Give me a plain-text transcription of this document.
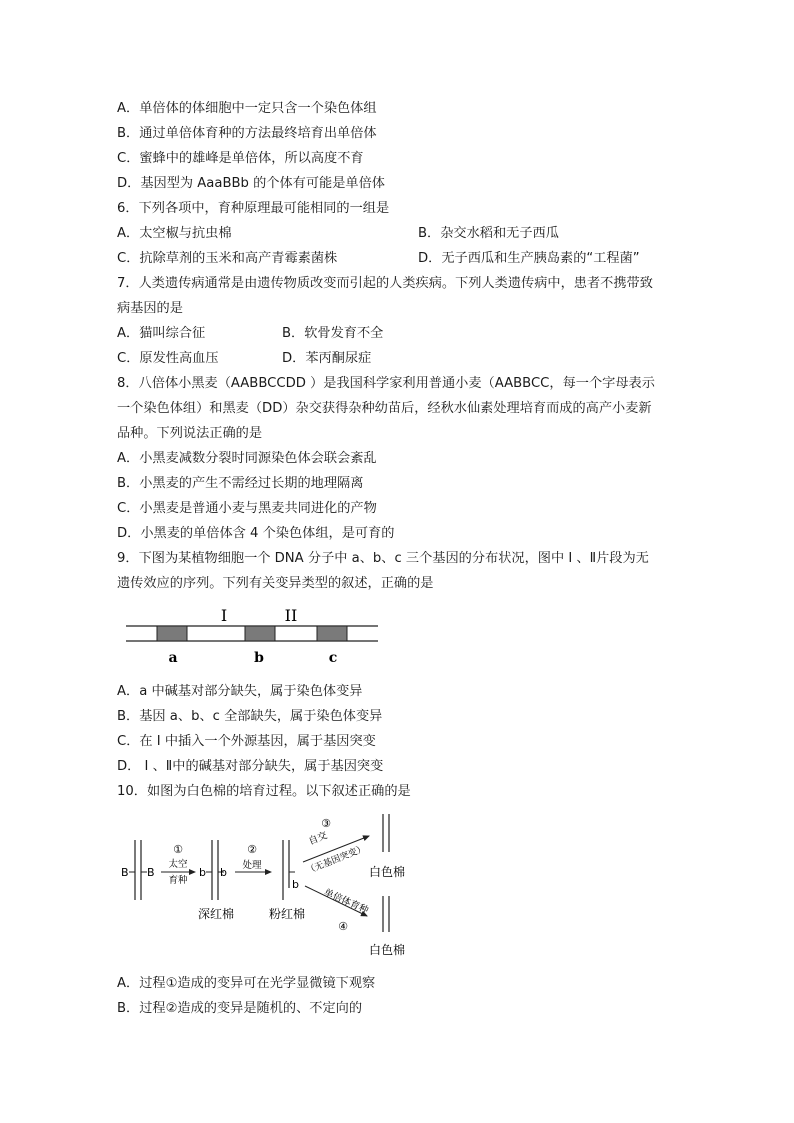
A．单倍体的体细胞中一定只含一个染色体组
B．通过单倍体育种的方法最终培育出单倍体
C．蜜蜂中的雄峰是单倍体，所以高度不育
D．基因型为 AaaBBb 的个体有可能是单倍体
6．下列各项中，育种原理最可能相同的一组是
A．太空椒与抗虫棉	B．杂交水稻和无子西瓜
C．抗除草剂的玉米和高产青霉素菌株	D．无子西瓜和生产胰岛素的“工程菌”
7．人类遗传病通常是由遗传物质改变而引起的人类疾病。下列人类遗传病中，患者不携带致
病基因的是
A．猫叫综合征	B．软骨发育不全
C．原发性高血压	D．苯丙酮尿症
8．八倍体小黑麦（AABBCCDD ）是我国科学家利用普通小麦（AABBCC，每一个字母表示
一个染色体组）和黑麦（DD）杂交获得杂种幼苗后，经秋水仙素处理培育而成的高产小麦新
品种。下列说法正确的是
A．小黑麦减数分裂时同源染色体会联会紊乱
B．小黑麦的产生不需经过长期的地理隔离
C．小黑麦是普通小麦与黑麦共同进化的产物
D．小黑麦的单倍体含 4 个染色体组，是可育的
9．下图为某植物细胞一个 DNA 分子中 a、b、c 三个基因的分布状况，图中 Ⅰ 、Ⅱ片段为无
遗传效应的序列。下列有关变异类型的叙述，正确的是
I	II
a	b	c
A．a 中碱基对部分缺失，属于染色体变异
B．基因 a、b、c 全部缺失，属于染色体变异
C．在 Ⅰ 中插入一个外源基因，属于基因突变
D． Ⅰ 、Ⅱ中的碱基对部分缺失，属于基因突变
10．如图为白色棉的培育过程。以下叙述正确的是
B B
①
太空
育种
b b
深红棉
②
处理
b
粉红棉
③
自交
（无基因突变）
单倍体育种
④
白色棉
白色棉
A．过程①造成的变异可在光学显微镜下观察
B．过程②造成的变异是随机的、不定向的
